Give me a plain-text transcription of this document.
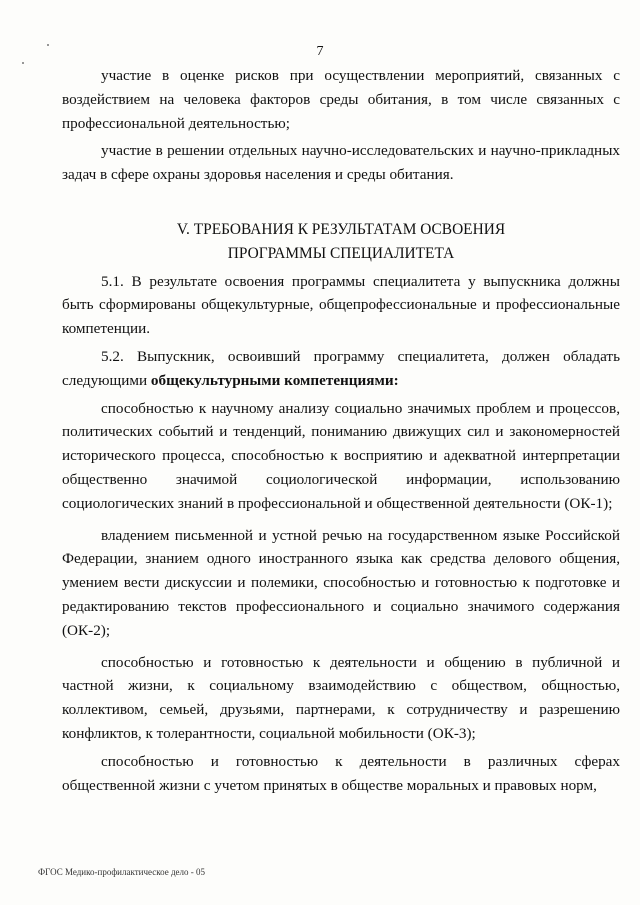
7

участие в оценке рисков при осуществлении мероприятий, связанных с воздействием на человека факторов среды обитания, в том числе связанных с профессиональной деятельностью;

участие в решении отдельных научно-исследовательских и научно-прикладных задач в сфере охраны здоровья населения и среды обитания.

V. ТРЕБОВАНИЯ К РЕЗУЛЬТАТАМ ОСВОЕНИЯ
ПРОГРАММЫ СПЕЦИАЛИТЕТА

5.1. В результате освоения программы специалитета у выпускника должны быть сформированы общекультурные, общепрофессиональные и профессиональные компетенции.

5.2. Выпускник, освоивший программу специалитета, должен обладать следующими общекультурными компетенциями:

способностью к научному анализу социально значимых проблем и процессов, политических событий и тенденций, пониманию движущих сил и закономерностей исторического процесса, способностью к восприятию и адекватной интерпретации общественно значимой социологической информации, использованию социологических знаний в профессиональной и общественной деятельности (ОК-1);

владением письменной и устной речью на государственном языке Российской Федерации, знанием одного иностранного языка как средства делового общения, умением вести дискуссии и полемики, способностью и готовностью к подготовке и редактированию текстов профессионального и социально значимого содержания (ОК-2);

способностью и готовностью к деятельности и общению в публичной и частной жизни, к социальному взаимодействию с обществом, общностью, коллективом, семьей, друзьями, партнерами, к сотрудничеству и разрешению конфликтов, к толерантности, социальной мобильности (ОК-3);

способностью и готовностью к деятельности в различных сферах общественной жизни с учетом принятых в обществе моральных и правовых норм,

ФГОС Медико-профилактическое дело - 05
